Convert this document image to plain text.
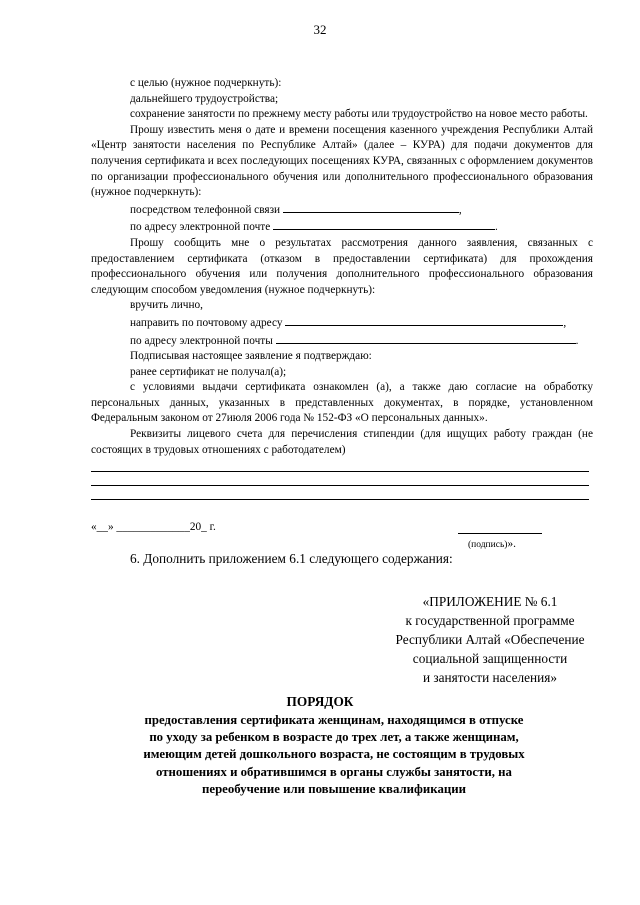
32

с целью (нужное подчеркнуть):

дальнейшего трудоустройства;

сохранение занятости по прежнему месту работы или трудоустройство на новое место работы.

Прошу известить меня о дате и времени посещения казенного учреждения Республики Алтай «Центр занятости населения по Республике Алтай» (далее – КУРА) для подачи документов для получения сертификата и всех последующих посещениях КУРА, связанных с оформлением документов по организации профессионального обучения или дополнительного профессионального образования (нужное подчеркнуть):

посредством телефонной связи	,

по адресу электронной почте	.

Прошу сообщить мне о результатах рассмотрения данного заявления, связанных с предоставлением сертификата (отказом в предоставлении сертификата) для прохождения профессионального обучения или получения дополнительного профессионального образования следующим способом уведомления (нужное подчеркнуть):

вручить лично,

направить по почтовому адресу	,

по адресу электронной почты	.

Подписывая настоящее заявление я подтверждаю:

ранее сертификат не получал(а);

с условиями выдачи сертификата ознакомлен (а), а также даю согласие на обработку персональных данных, указанных в представленных документах, в порядке, установленном Федеральным законом от 27июля 2006 года № 152-ФЗ «О персональных данных».

Реквизиты лицевого счета для перечисления стипендии (для ищущих работу граждан (не состоящих в трудовых отношениях с работодателем)

«__» _____________20_ г.
(подпись)».
6. Дополнить приложением 6.1 следующего содержания:
«ПРИЛОЖЕНИЕ № 6.1
к государственной программе
Республики Алтай «Обеспечение
социальной защищенности
и занятости населения»
ПОРЯДОК
предоставления сертификата женщинам, находящимся в отпуске
по уходу за ребенком в возрасте до трех лет, а также женщинам,
имеющим детей дошкольного возраста, не состоящим в трудовых
отношениях и обратившимся в органы службы занятости, на
переобучение или повышение квалификации
